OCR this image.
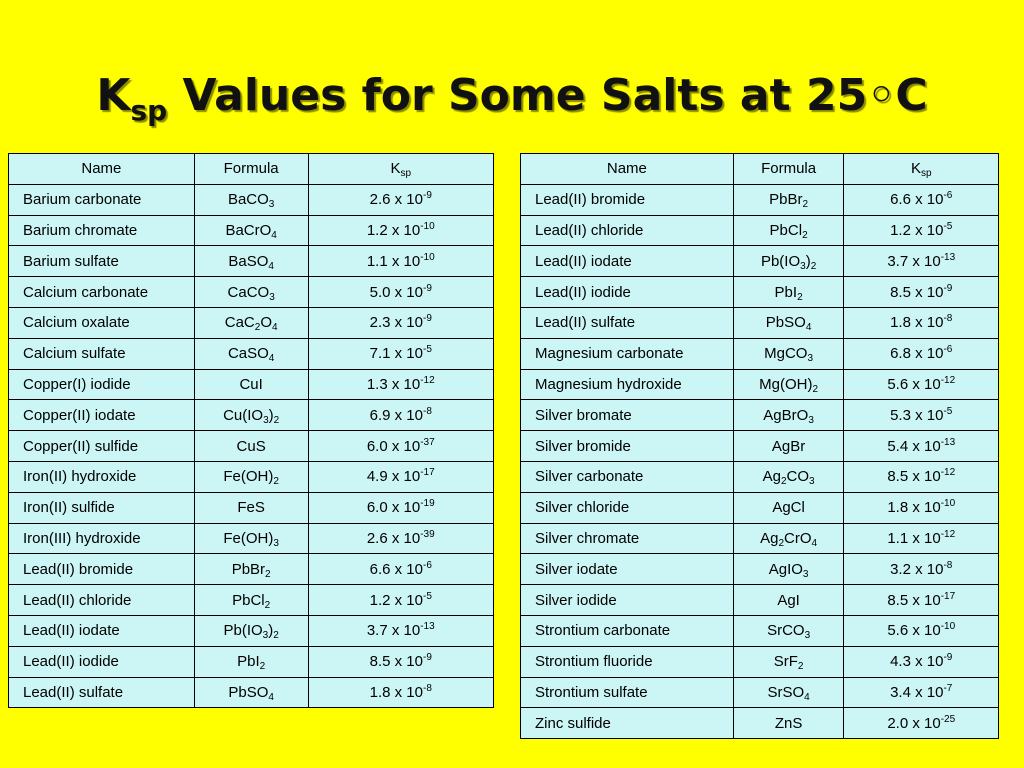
$K_{sp}$ Values for Some Salts at 25◦C
Name	Formula	$K_{sp}$
Barium carbonate	BaCO$_3$	2.6 x $10^{-9}$
Barium chromate	BaCrO$_4$	1.2 x $10^{-10}$
Barium sulfate	BaSO$_4$	1.1 x $10^{-10}$
Calcium carbonate	CaCO$_3$	5.0 x $10^{-9}$
Calcium oxalate	$CaC_2O_4$	2.3 x $10^{-9}$
Calcium sulfate	CaSO$_4$	7.1 x $10^{-5}$
Copper(I) iodide	CuI	1.3 x $10^{-12}$
Copper(II) iodate	$Cu(IO_3)_2$	6.9 x $10^{-8}$
Copper(II) sulfide	CuS	6.0 x $10^{-37}$
Iron(II) hydroxide	$Fe(OH)_2$	4.9 x $10^{-17}$
Iron(II) sulfide	FeS	6.0 x $10^{-19}$
Iron(III) hydroxide	$Fe(OH)_3$	2.6 x $10^{-39}$
Lead(II) bromide	PbBr$_2$	6.6 x $10^{-6}$
Lead(II) chloride	PbCl$_2$	1.2 x $10^{-5}$
Lead(II) iodate	$Pb(IO_3)_2$	3.7 x $10^{-13}$
Lead(II) iodide	PbI$_2$	8.5 x $10^{-9}$
Lead(II) sulfate	PbSO$_4$	1.8 x $10^{-8}$
Name	Formula	$K_{sp}$
Lead(II) bromide	PbBr$_2$	6.6 x $10^{-6}$
Lead(II) chloride	PbCl$_2$	1.2 x $10^{-5}$
Lead(II) iodate	$Pb(IO_3)_2$	3.7 x $10^{-13}$
Lead(II) iodide	PbI$_2$	8.5 x $10^{-9}$
Lead(II) sulfate	PbSO$_4$	1.8 x $10^{-8}$
Magnesium carbonate	MgCO$_3$	6.8 x $10^{-6}$
Magnesium hydroxide	$Mg(OH)_2$	5.6 x $10^{-12}$
Silver bromate	AgBrO$_3$	5.3 x $10^{-5}$
Silver bromide	AgBr	5.4 x $10^{-13}$
Silver carbonate	$Ag_2CO_3$	8.5 x $10^{-12}$
Silver chloride	AgCl	1.8 x $10^{-10}$
Silver chromate	$Ag_2CrO_4$	1.1 x $10^{-12}$
Silver iodate	AgIO$_3$	3.2 x $10^{-8}$
Silver iodide	AgI	8.5 x $10^{-17}$
Strontium carbonate	SrCO$_3$	5.6 x $10^{-10}$
Strontium fluoride	SrF$_2$	4.3 x $10^{-9}$
Strontium sulfate	SrSO$_4$	3.4 x $10^{-7}$
Zinc sulfide	ZnS	2.0 x $10^{-25}$
